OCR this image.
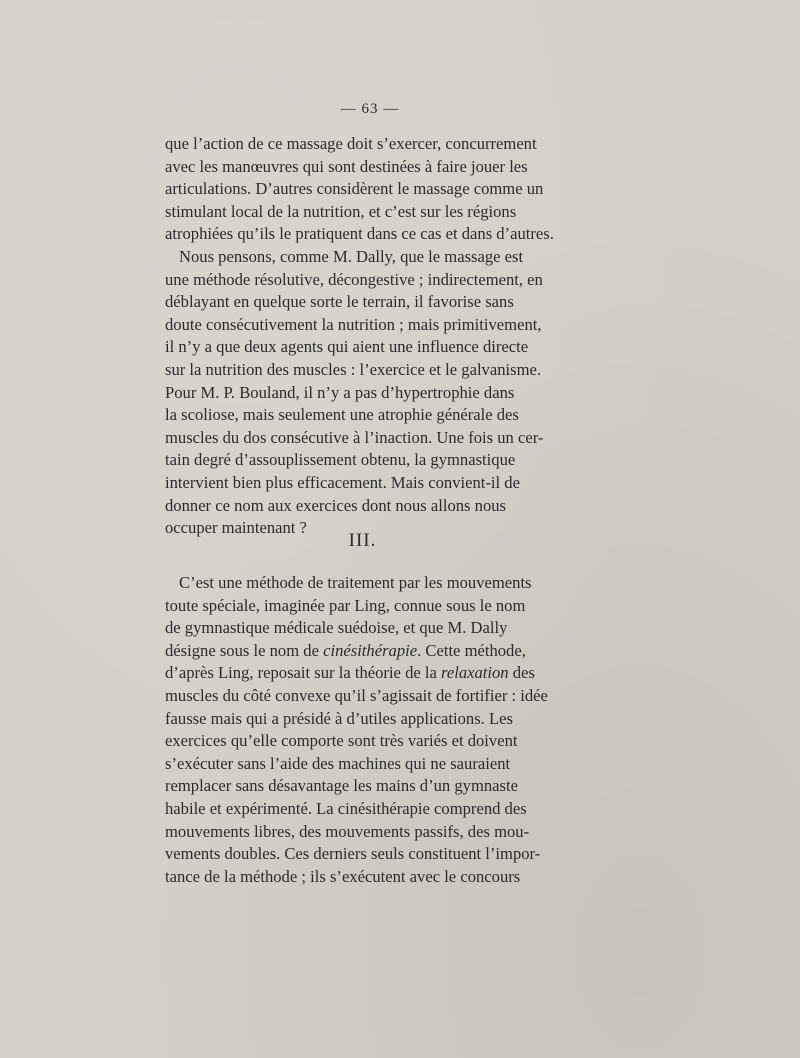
— 63 —
que l’action de ce massage doit s’exercer, concurrement
avec les manœuvres qui sont destinées à faire jouer les
articulations. D’autres considèrent le massage comme un
stimulant local de la nutrition, et c’est sur les régions
atrophiées qu’ils le pratiquent dans ce cas et dans d’autres.
Nous pensons, comme M. Dally, que le massage est
une méthode résolutive, décongestive ; indirectement, en
déblayant en quelque sorte le terrain, il favorise sans
doute consécutivement la nutrition ; mais primitivement,
il n’y a que deux agents qui aient une influence directe
sur la nutrition des muscles : l’exercice et le galvanisme.
Pour M. P. Bouland, il n’y a pas d’hypertrophie dans
la scoliose, mais seulement une atrophie générale des
muscles du dos consécutive à l’inaction. Une fois un cer-
tain degré d’assouplissement obtenu, la gymnastique
intervient bien plus efficacement. Mais convient-il de
donner ce nom aux exercices dont nous allons nous
occuper maintenant ?
III.
C’est une méthode de traitement par les mouvements
toute spéciale, imaginée par Ling, connue sous le nom
de gymnastique médicale suédoise, et que M. Dally
désigne sous le nom de cinésithérapie . Cette méthode,
d’après Ling, reposait sur la théorie de la relaxation des
muscles du côté convexe qu’il s’agissait de fortifier : idée
fausse mais qui a présidé à d’utiles applications. Les
exercices qu’elle comporte sont très variés et doivent
s’exécuter sans l’aide des machines qui ne sauraient
remplacer sans désavantage les mains d’un gymnaste
habile et expérimenté. La cinésithérapie comprend des
mouvements libres, des mouvements passifs, des mou-
vements doubles. Ces derniers seuls constituent l’impor-
tance de la méthode ; ils s’exécutent avec le concours
